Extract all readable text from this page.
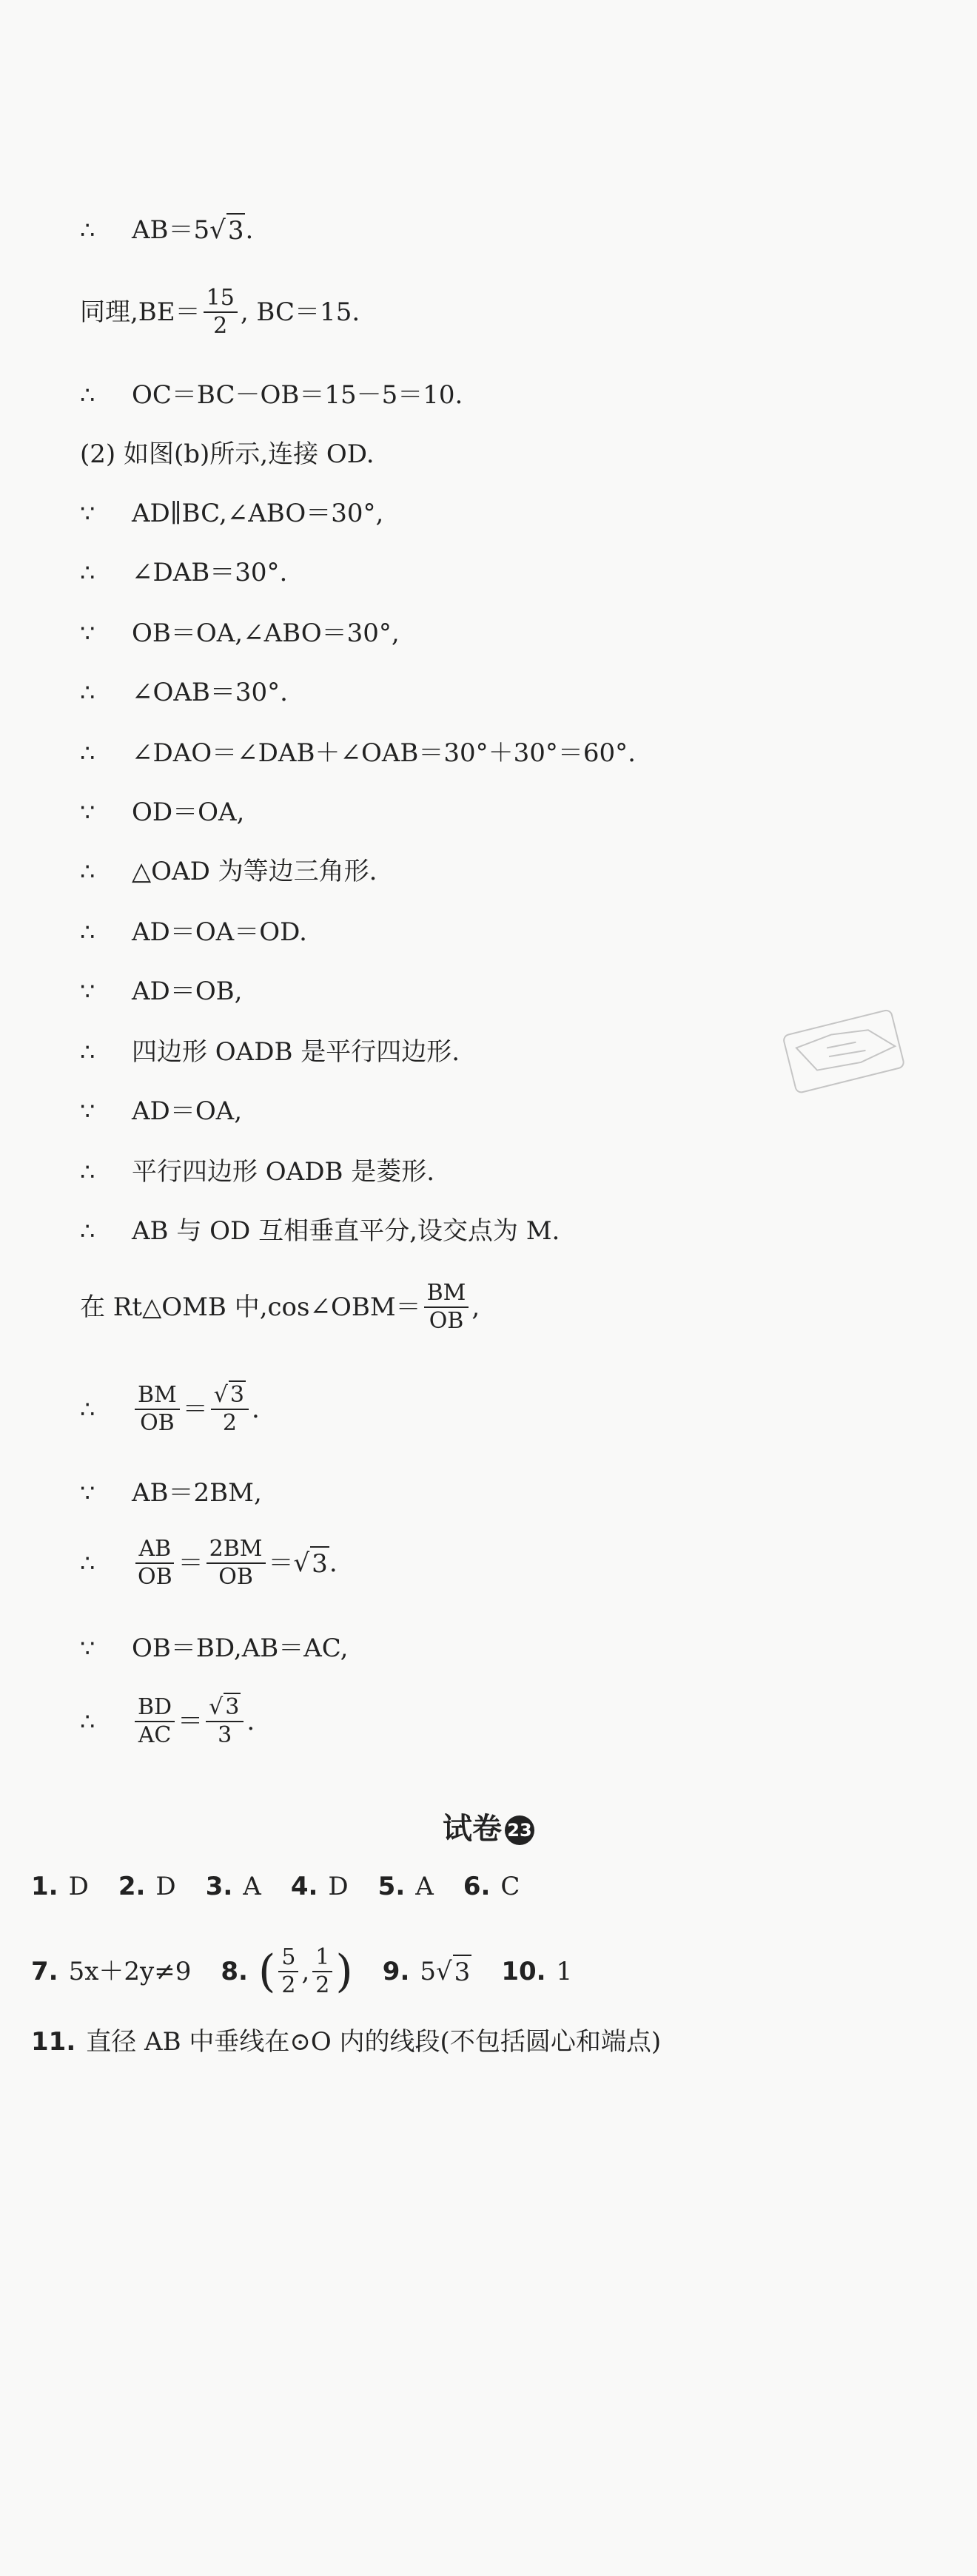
∴	AB＝5 √ 3 .
同理$,BE= \frac{15}{2}$ , BC＝15.
∴	OC＝BC－OB＝15－5＝10.
(2) 如图(b)所示,连接 OD.
∵	AD∥BC,∠ABO＝30°,
∴	∠DAB＝30°.
∵	OB＝OA,∠ABO＝30°,
∴	∠OAB＝30°.
∴	∠DAO＝∠DAB＋∠OAB＝30°＋30°＝60°.
∵	OD＝OA,
∴	△OAD 为等边三角形.
∴	AD＝OA＝OD.
∵	AD＝OB,
∴	四边形 OADB 是平行四边形.
∵	AD＝OA,
∴	平行四边形 OADB 是菱形.
∴	AB 与 OD 互相垂直平分,设交点为 M.
在 Rt△OMB 中,cos∠OBM＝ $\frac{BM}{OB}$ ,
∴	$\frac{BM}{OB} = \frac{√ 3}{2}$ .
∵	AB＝2BM,
∴	$\frac{AB}{OB} = \frac{2BM}{OB}$ ＝ √ 3 .
∵	OB＝BD,AB＝AC,
∴	$\frac{BD}{AC} = \frac{√ 3}{3}$ .
试卷 23
1. D 2. D 3. A 4. D 5. A 6. C
7. 5x＋2y≠9 8. ( $\frac{5}{2}$ , $\frac{1}{2}$ ) 9. 5 √ 3 10. 1
11. 直径 AB 中垂线在⊙O 内的线段(不包括圆心和端点)
